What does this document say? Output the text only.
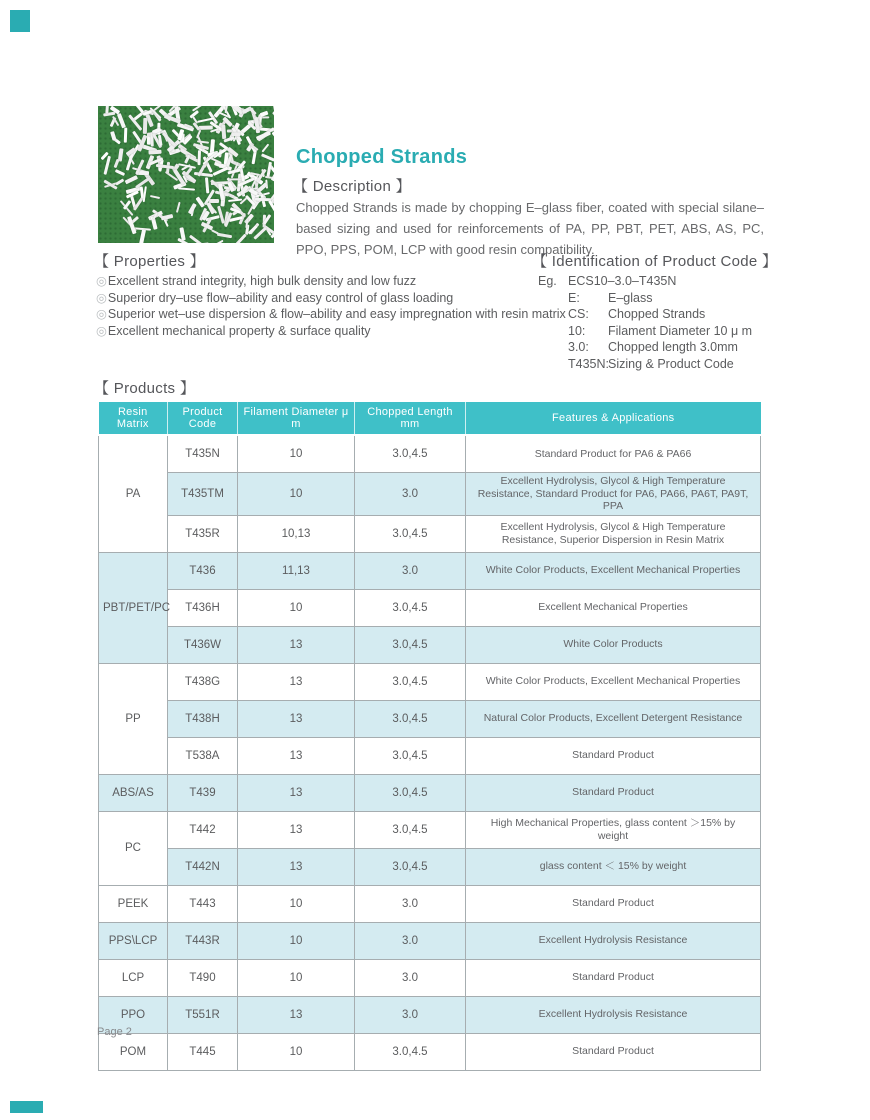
Chopped Strands
【 Description 】
Chopped Strands is made by chopping E–glass fiber, coated with special silane–based sizing and used for reinforcements of PA, PP, PBT, PET, ABS, AS, PC, PPO, PPS, POM, LCP with good resin compatibility.
【 Properties 】
◎Excellent strand integrity, high bulk density and low fuzz
◎Superior dry–use flow–ability and easy control of glass loading
◎Superior wet–use dispersion & flow–ability and easy impregnation with resin matrix
◎Excellent mechanical property & surface quality
【 Identification of Product Code 】
Eg. ECS10–3.0–T435N
E:	E–glass
CS:	Chopped Strands
10:	Filament Diameter 10 μ m
3.0:	Chopped length 3.0mm
T435N: Sizing & Product Code
【 Products 】
Resin Matrix	Product Code	Filament Diameter μ m	Chopped Length mm	Features & Applications
PA	T435N	10	3.0,4.5	Standard Product for PA6 & PA66
	T435TM	10	3.0	Excellent Hydrolysis, Glycol & High Temperature Resistance, Standard Product for PA6, PA66, PA6T, PA9T, PPA
	T435R	10,13	3.0,4.5	Excellent Hydrolysis, Glycol & High Temperature Resistance, Superior Dispersion in Resin Matrix
PBT/PET/PC	T436	11,13	3.0	White Color Products, Excellent Mechanical Properties
	T436H	10	3.0,4.5	Excellent Mechanical Properties
	T436W	13	3.0,4.5	White Color Products
PP	T438G	13	3.0,4.5	White Color Products, Excellent Mechanical Properties
	T438H	13	3.0,4.5	Natural Color Products, Excellent Detergent Resistance
	T538A	13	3.0,4.5	Standard Product
ABS/AS	T439	13	3.0,4.5	Standard Product
PC	T442	13	3.0,4.5	High Mechanical Properties, glass content ＞15% by weight
	T442N	13	3.0,4.5	glass content ＜ 15% by weight
PEEK	T443	10	3.0	Standard Product
PPS\LCP	T443R	10	3.0	Excellent Hydrolysis Resistance
LCP	T490	10	3.0	Standard Product
PPO	T551R	13	3.0	Excellent Hydrolysis Resistance
POM	T445	10	3.0,4.5	Standard Product
Page 2
